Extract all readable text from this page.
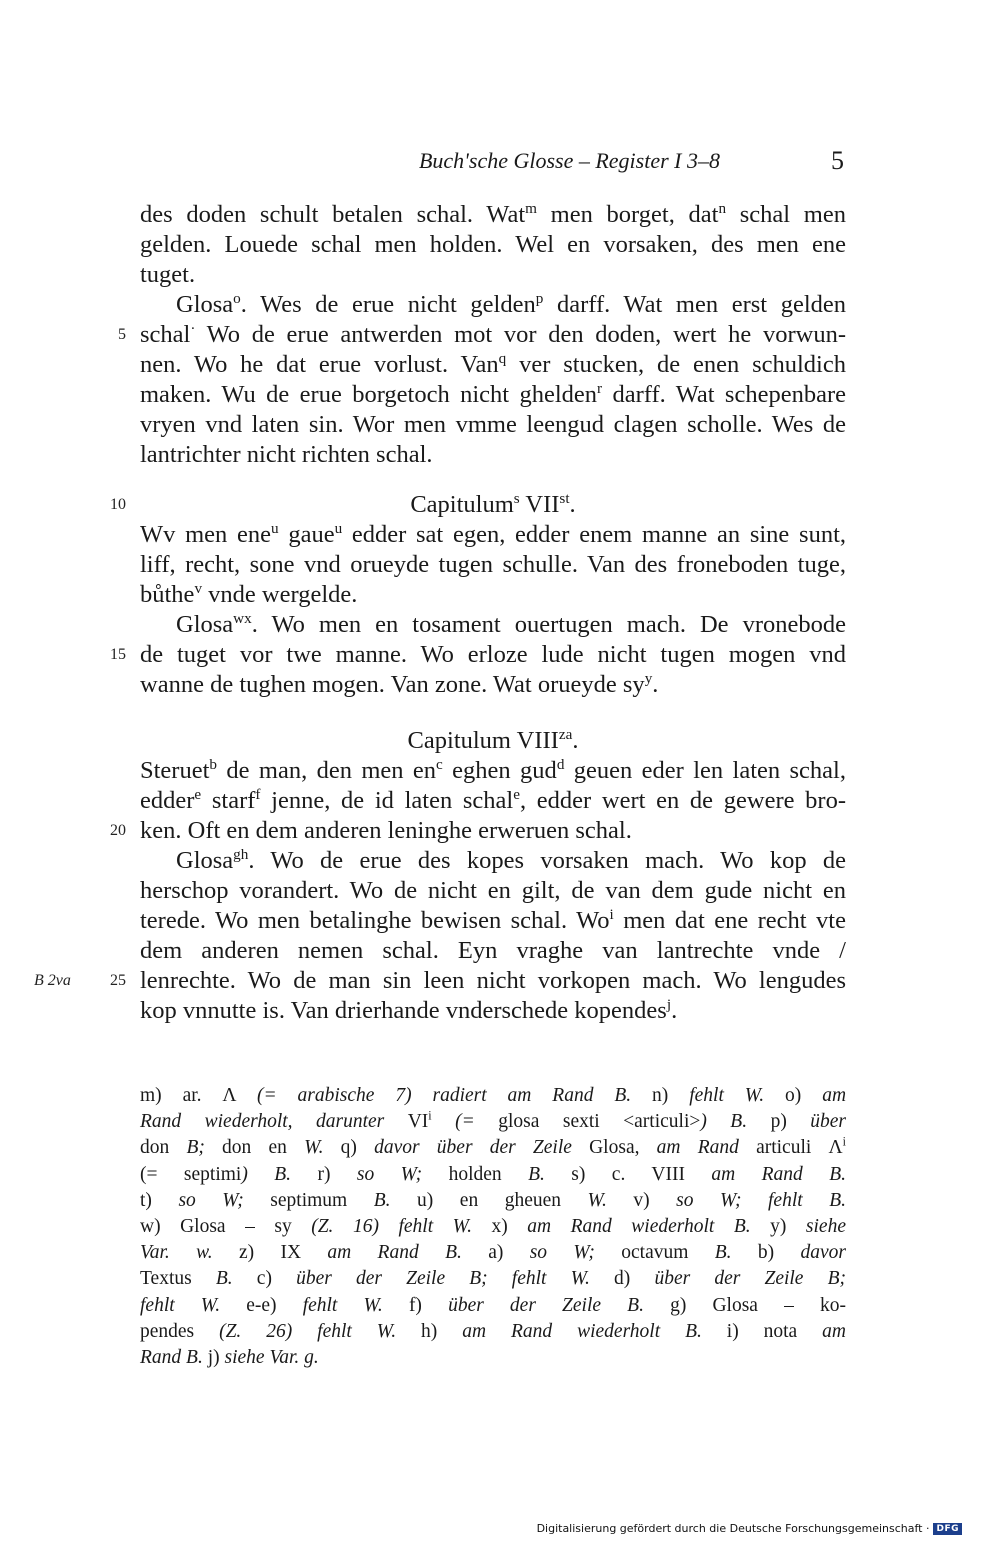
Buch'sche Glosse – Register I 3–8	5
des doden schult betalen schal. Wat$^m$ men borget, dat$^n$ schal men
gelden. Louede schal men holden. Wel en vorsaken, des men ene
tuget.
Glosa$^o$. Wes de erue nicht gelden$^p$ darff. Wat men erst gelden
schal· Wo de erue antwerden mot vor den doden, wert he vorwun-
nen. Wo he dat erue vorlust. Van$^q$ ver stucken, de enen schuldich
maken. Wu de erue borgetoch nicht ghelden$^r$ darff. Wat schepenbare
vryen vnd laten sin. Wor men vmme leengud clagen scholle. Wes de
lantrichter nicht richten schal.
Capitulum$^s$ VIIst.
Wv men ene$^u$ gaue$^u$ edder sat egen, edder enem manne an sine sunt,
liff, recht, sone vnd orueyde tugen schulle. Van des froneboden tuge,
bůthe$^v$ vnde wergelde.
Glosa$^{wx}$. Wo men en tosament ouertugen mach. De vronebode
de tuget vor twe manne. Wo erloze lude nicht tugen mogen vnd
wanne de tughen mogen. Van zone. Wat orueyde $sy^y$.
Capitulum $VIII^{za}$.
Steruet$^b$ de man, den men $en^c$ eghen gud$^d$ geuen eder len laten schal,
edder$^e$ starf$^f$ jenne, de id laten schal$^e$, edder wert en de gewere bro-
ken. Oft en dem anderen leninghe erweruen schal.
Glosa$^{gh}$. Wo de erue des kopes vorsaken mach. Wo kop de
herschop vorandert. Wo de nicht en gilt, de van dem gude nicht en
terede. Wo men betalinghe bewisen schal. Wo$^i$ men dat ene recht vte
dem anderen nemen schal. Eyn vraghe van lantrechte vnde /
lenrechte. Wo de man sin leen nicht vorkopen mach. Wo lengudes
kop vnnutte is. Van drierhande vnderschede kopendes$^j$.
5
10
15
20
25
B 2va
m) ar. Λ (= arabische 7) radiert am Rand B. n) fehlt W. o) am
Rand wiederholt, darunter $VI^i$ (= glosa sexti <articuli>) B. p) über
don B; don en W. q) davor über der Zeile Glosa, am Rand articuli $\Lambda^i$
(= septimi) B. r) so W; holden B. s) c. VIII am Rand B.
t) so W; septimum B. u) en gheuen W. v) so W; fehlt B.
w) Glosa – sy (Z. 16) fehlt W. x) am Rand wiederholt B. y) siehe
Var. w. z) IX am Rand B. a) so W; octavum B. b) davor
Textus B. c) über der Zeile B; fehlt W. d) über der Zeile B;
fehlt W. e-e) fehlt W. f) über der Zeile B. g) Glosa – ko-
pendes (Z. 26) fehlt W. h) am Rand wiederholt B. i) nota am
Rand B. j) siehe Var. g.
Digitalisierung gefördert durch die Deutsche Forschungsgemeinschaft · DFG
